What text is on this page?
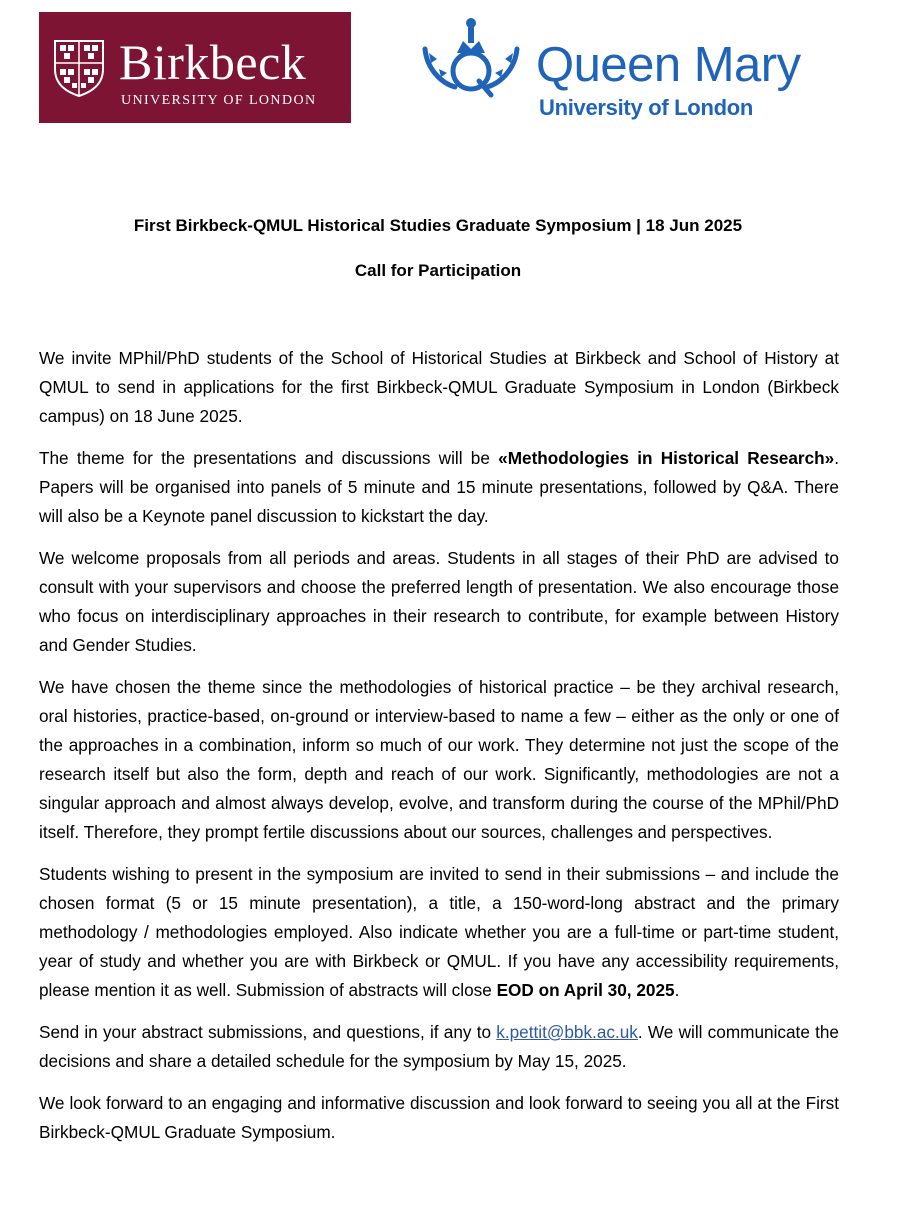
Birkbeck
UNIVERSITY OF LONDON
Queen Mary
University of London
First Birkbeck-QMUL Historical Studies Graduate Symposium | 18 Jun 2025
Call for Participation

We invite MPhil/PhD students of the School of Historical Studies at Birkbeck and School of History at QMUL to send in applications for the first Birkbeck-QMUL Graduate Symposium in London (Birkbeck campus) on 18 June 2025.

The theme for the presentations and discussions will be «Methodologies in Historical Research». Papers will be organised into panels of 5 minute and 15 minute presentations, followed by Q&A. There will also be a Keynote panel discussion to kickstart the day.

We welcome proposals from all periods and areas. Students in all stages of their PhD are advised to consult with your supervisors and choose the preferred length of presentation. We also encourage those who focus on interdisciplinary approaches in their research to contribute, for example between History and Gender Studies.

We have chosen the theme since the methodologies of historical practice – be they archival research, oral histories, practice-based, on-ground or interview-based to name a few – either as the only or one of the approaches in a combination, inform so much of our work. They determine not just the scope of the research itself but also the form, depth and reach of our work. Significantly, methodologies are not a singular approach and almost always develop, evolve, and transform during the course of the MPhil/PhD itself. Therefore, they prompt fertile discussions about our sources, challenges and perspectives.

Students wishing to present in the symposium are invited to send in their submissions – and include the chosen format (5 or 15 minute presentation), a title, a 150-word-long abstract and the primary methodology / methodologies employed. Also indicate whether you are a full-time or part-time student, year of study and whether you are with Birkbeck or QMUL. If you have any accessibility requirements, please mention it as well. Submission of abstracts will close EOD on April 30, 2025.

Send in your abstract submissions, and questions, if any to k.pettit@bbk.ac.uk. We will communicate the decisions and share a detailed schedule for the symposium by May 15, 2025.

We look forward to an engaging and informative discussion and look forward to seeing you all at the First Birkbeck-QMUL Graduate Symposium.
